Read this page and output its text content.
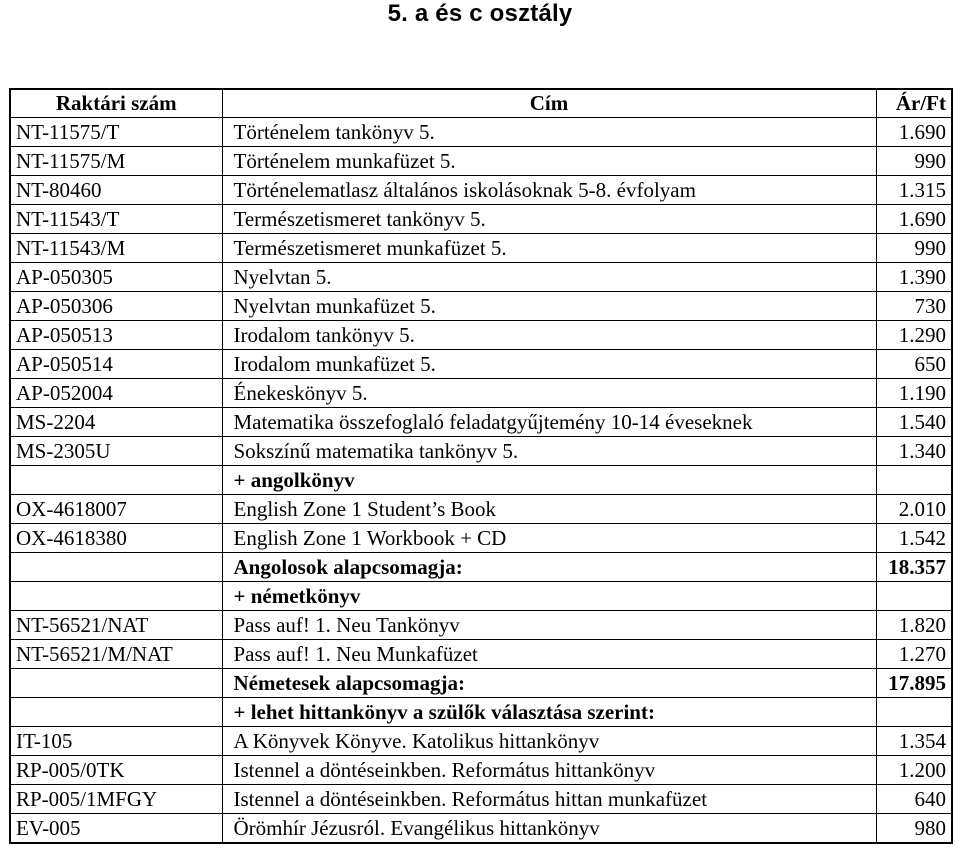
5. a és c osztály
Raktári szám	Cím	Ár/Ft
NT-11575/T	Történelem tankönyv 5.	1.690
NT-11575/M	Történelem munkafüzet 5.	990
NT-80460	Történelematlasz általános iskolásoknak 5-8. évfolyam	1.315
NT-11543/T	Természetismeret tankönyv 5.	1.690
NT-11543/M	Természetismeret munkafüzet 5.	990
AP-050305	Nyelvtan 5.	1.390
AP-050306	Nyelvtan munkafüzet 5.	730
AP-050513	Irodalom tankönyv 5.	1.290
AP-050514	Irodalom munkafüzet 5.	650
AP-052004	Énekeskönyv 5.	1.190
MS-2204	Matematika összefoglaló feladatgyűjtemény 10-14 éveseknek	1.540
MS-2305U	Sokszínű matematika tankönyv 5.	1.340
	+ angolkönyv	
OX-4618007	English Zone 1 Student’s Book	2.010
OX-4618380	English Zone 1 Workbook + CD	1.542
	Angolosok alapcsomagja:	18.357
	+ németkönyv	
NT-56521/NAT	Pass auf! 1. Neu Tankönyv	1.820
NT-56521/M/NAT	Pass auf! 1. Neu Munkafüzet	1.270
	Németesek alapcsomagja:	17.895
	+ lehet hittankönyv a szülők választása szerint:	
IT-105	A Könyvek Könyve. Katolikus hittankönyv	1.354
RP-005/0TK	Istennel a döntéseinkben. Református hittankönyv	1.200
RP-005/1MFGY	Istennel a döntéseinkben. Református hittan munkafüzet	640
EV-005	Örömhír Jézusról. Evangélikus hittankönyv	980
